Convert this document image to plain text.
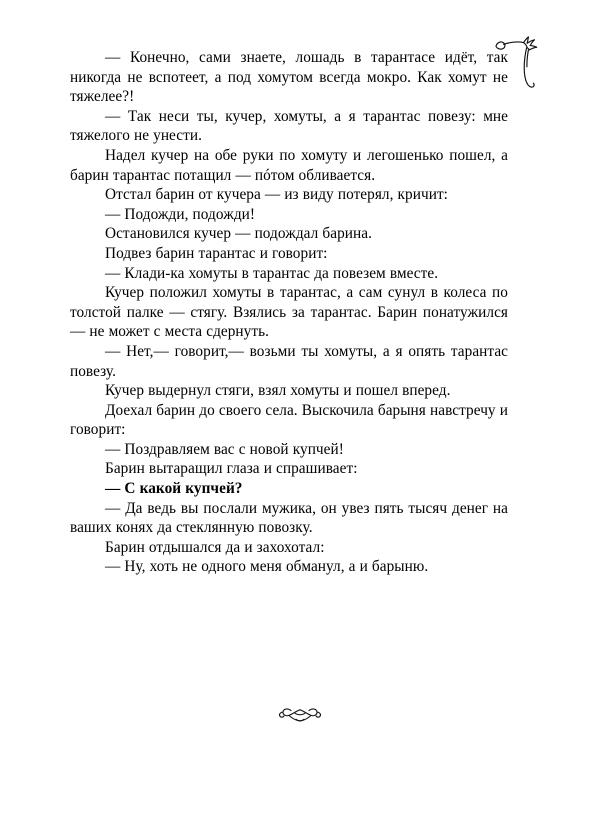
— Конечно, сами знаете, лошадь в тарантасе идёт, так никогда не вспотеет, а под хомутом всегда мокро. Как хомут не тяжелее?!

— Так неси ты, кучер, хомуты, а я тарантас повезу: мне тяжелого не унести.

Надел кучер на обе руки по хомуту и легошенько пошел, а барин тарантас потащил — пóтом обливается.

Отстал барин от кучера — из виду потерял, кричит:

— Подожди, подожди!

Остановился кучер — подождал барина.

Подвез барин тарантас и говорит:

— Клади-ка хомуты в тарантас да повезем вместе.

Кучер положил хомуты в тарантас, а сам сунул в колеса по толстой палке — стягу. Взялись за тарантас. Барин понатужился — не может с места сдернуть.

— Нет,— говорит,— возьми ты хомуты, а я опять тарантас повезу.

Кучер выдернул стяги, взял хомуты и пошел вперед.

Доехал барин до своего села. Выскочила барыня навстречу и говорит:

— Поздравляем вас с новой купчей!

Барин вытаращил глаза и спрашивает:

— С какой купчей?

— Да ведь вы послали мужика, он увез пять тысяч денег на ваших конях да стеклянную повозку.

Барин отдышался да и захохотал:

— Ну, хоть не одного меня обманул, а и барыню.
